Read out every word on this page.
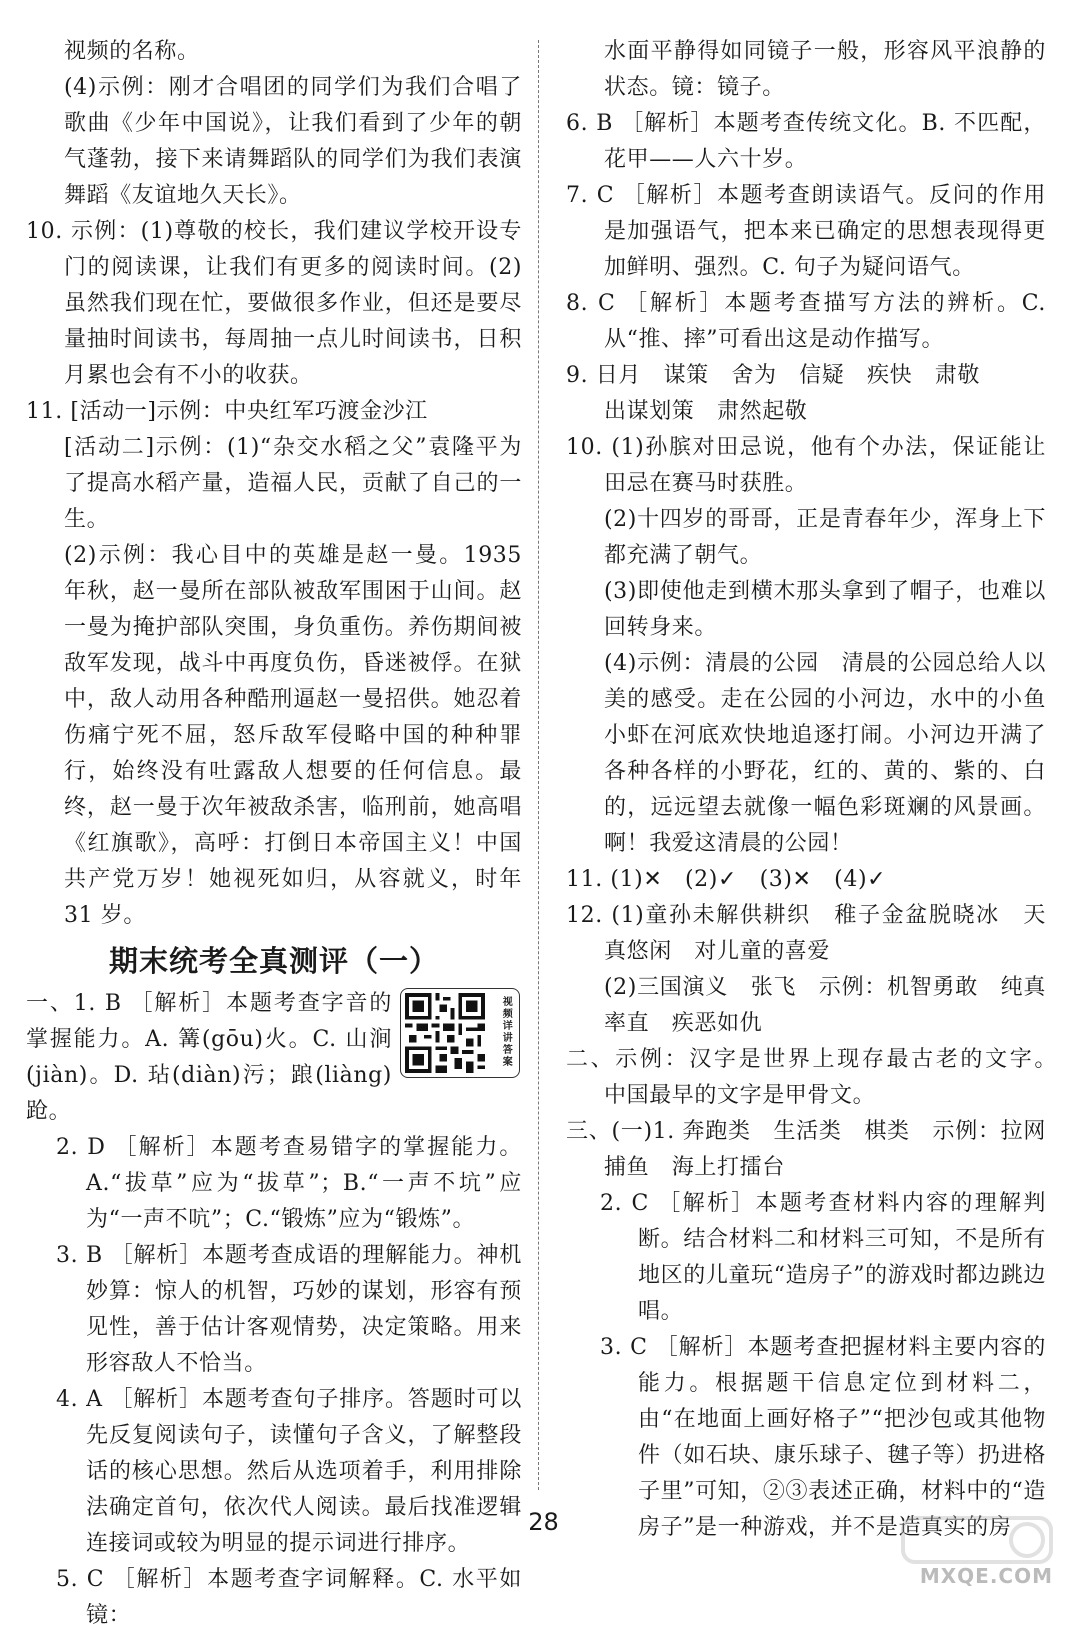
视频的名称。
(4)示例：刚才合唱团的同学们为我们合唱了歌曲《少年中国说》，让我们看到了少年的朝气蓬勃，接下来请舞蹈队的同学们为我们表演舞蹈《友谊地久天长》。
10. 示例：(1)尊敬的校长，我们建议学校开设专门的阅读课，让我们有更多的阅读时间。(2)虽然我们现在忙，要做很多作业，但还是要尽量抽时间读书，每周抽一点儿时间读书，日积月累也会有不小的收获。
11. [活动一]示例：中央红军巧渡金沙江
[活动二]示例：(1)“杂交水稻之父”袁隆平为了提高水稻产量，造福人民，贡献了自己的一生。
(2)示例：我心目中的英雄是赵一曼。1935 年秋，赵一曼所在部队被敌军围困于山间。赵一曼为掩护部队突围，身负重伤。养伤期间被敌军发现，战斗中再度负伤，昏迷被俘。在狱中，敌人动用各种酷刑逼赵一曼招供。她忍着伤痛宁死不屈，怒斥敌军侵略中国的种种罪行，始终没有吐露敌人想要的任何信息。最终，赵一曼于次年被敌杀害，临刑前，她高唱《红旗歌》，高呼：打倒日本帝国主义！中国共产党万岁！她视死如归，从容就义，时年 31 岁。
期末统考全真测评（一）
视频详讲答案
一、1. B ［解析］本题考查字音的掌握能力。A. 篝(gōu)火。C. 山涧(jiàn)。D. 玷(diàn)污；踉(liàng)跄。
2. D ［解析］本题考查易错字的掌握能力。A.“拔草”应为“拔草”；B.“一声不坑”应为“一声不吭”；C.“锻炼”应为“锻炼”。
3. B ［解析］本题考查成语的理解能力。神机妙算：惊人的机智，巧妙的谋划，形容有预见性，善于估计客观情势，决定策略。用来形容敌人不恰当。
4. A ［解析］本题考查句子排序。答题时可以先反复阅读句子，读懂句子含义，了解整段话的核心思想。然后从选项着手，利用排除法确定首句，依次代人阅读。最后找准逻辑连接词或较为明显的提示词进行排序。
5. C ［解析］本题考查字词解释。C. 水平如镜：
水面平静得如同镜子一般，形容风平浪静的状态。镜：镜子。
6. B ［解析］本题考查传统文化。B. 不匹配，花甲——人六十岁。
7. C ［解析］本题考查朗读语气。反问的作用是加强语气，把本来已确定的思想表现得更加鲜明、强烈。C. 句子为疑问语气。
8. C ［解析］本题考查描写方法的辨析。C. 从“推、摔”可看出这是动作描写。
9. 日月　谋策　舍为　信疑　疾快　肃敬
出谋划策　肃然起敬
10. (1)孙膑对田忌说，他有个办法，保证能让田忌在赛马时获胜。
(2)十四岁的哥哥，正是青春年少，浑身上下都充满了朝气。
(3)即使他走到横木那头拿到了帽子，也难以回转身来。
(4)示例：清晨的公园　清晨的公园总给人以美的感受。走在公园的小河边，水中的小鱼小虾在河底欢快地追逐打闹。小河边开满了各种各样的小野花，红的、黄的、紫的、白的，远远望去就像一幅色彩斑斓的风景画。啊！我爱这清晨的公园！
11. (1)✕　(2)✓　(3)✕　(4)✓
12. (1)童孙未解供耕织　稚子金盆脱晓冰　天真悠闲　对儿童的喜爱
(2)三国演义　张飞　示例：机智勇敢　纯真率直　疾恶如仇
二、示例：汉字是世界上现存最古老的文字。　中国最早的文字是甲骨文。
三、(一)1. 奔跑类　生活类　棋类　示例：拉网捕鱼　海上打擂台
2. C ［解析］本题考查材料内容的理解判断。结合材料二和材料三可知，不是所有地区的儿童玩“造房子”的游戏时都边跳边唱。
3. C ［解析］本题考查把握材料主要内容的能力。根据题干信息定位到材料二，由“在地面上画好格子”“把沙包或其他物件（如石块、康乐球子、毽子等）扔进格子里”可知，②③表述正确，材料中的“造房子”是一种游戏，并不是造真实的房
28
MXQE.COM
